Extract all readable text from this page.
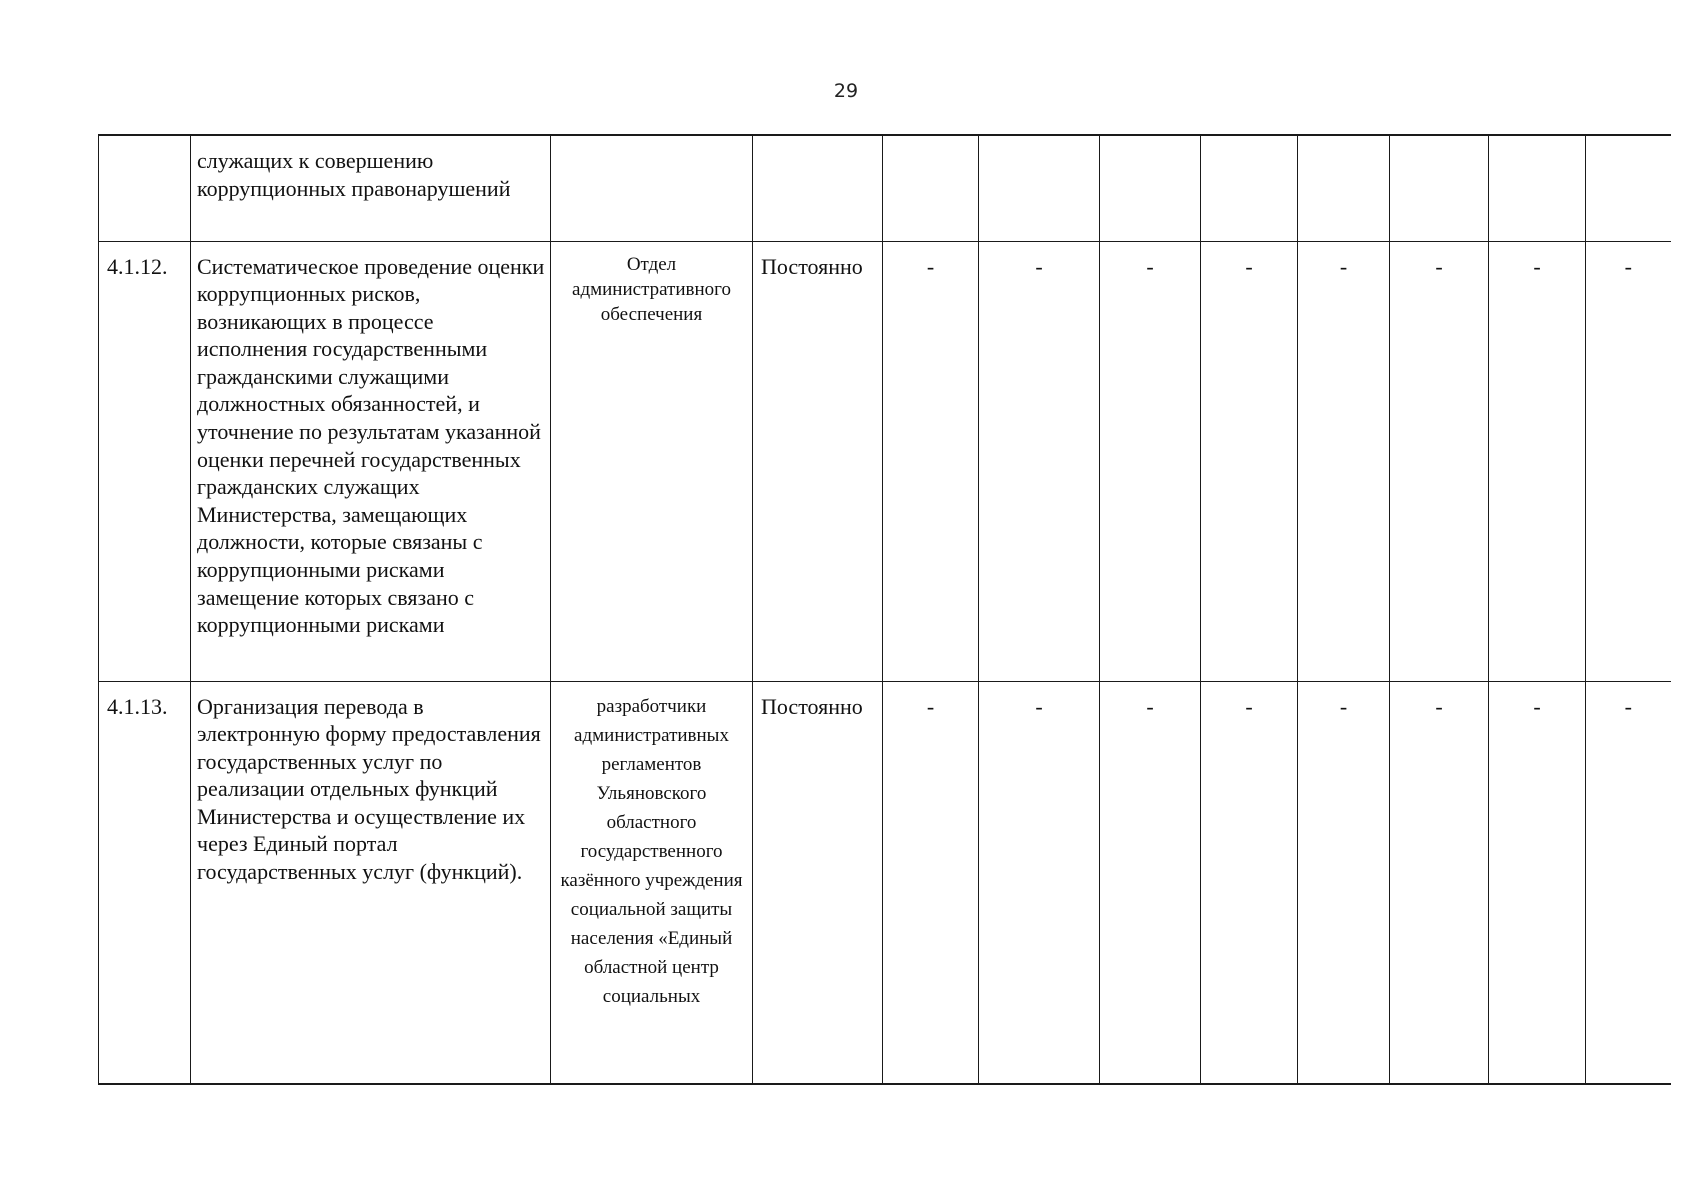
29
	служащих к совершению коррупционных правонарушений										
4.1.12.	Систематическое проведение оценки коррупционных рисков, возникающих в процессе исполнения государственными гражданскими служащими должностных обязанностей, и уточнение по результатам указанной оценки перечней государственных гражданских служащих Министерства, замещающих должности, которые связаны с коррупционными рисками замещение которых связано с коррупционными рисками	Отдел административного обеспечения	Постоянно	-	-	-	-	-	-	-	-
4.1.13.	Организация перевода в электронную форму предоставления государственных услуг по реализации отдельных функций Министерства и осуществление их через Единый портал государственных услуг (функций).	разработчики административных регламентов Ульяновского областного государственного казённого учреждения социальной защиты населения «Единый областной центр социальных	Постоянно	-	-	-	-	-	-	-	-
